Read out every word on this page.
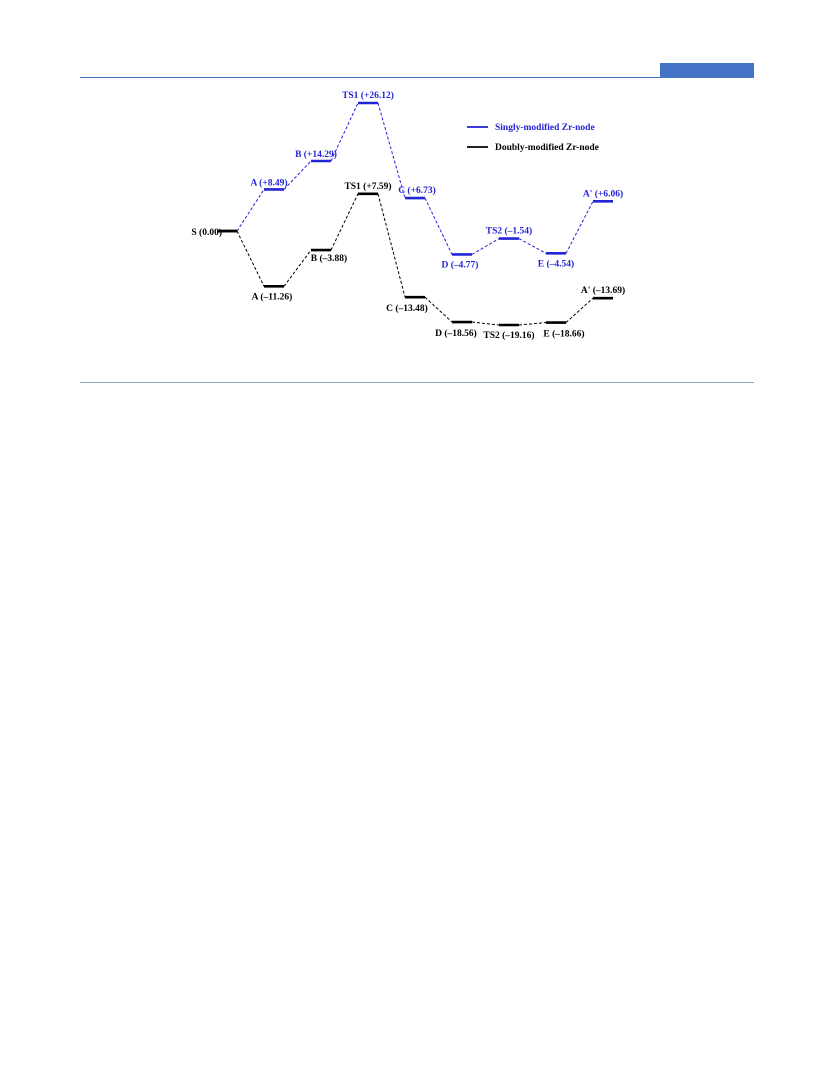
S (0.00)
A (+8.49)
B (+14.29)
TS1 (+26.12)
C (+6.73)
D (–4.77)
TS2 (–1.54)
E (–4.54)
A' (+6.06)
A (–11.26)
B (–3.88)
TS1 (+7.59)
C (–13.48)
D (–18.56) TS2 (–19.16) E (–18.66)
A' (–13.69)
Singly-modified Zr-node
Doubly-modified Zr-node
